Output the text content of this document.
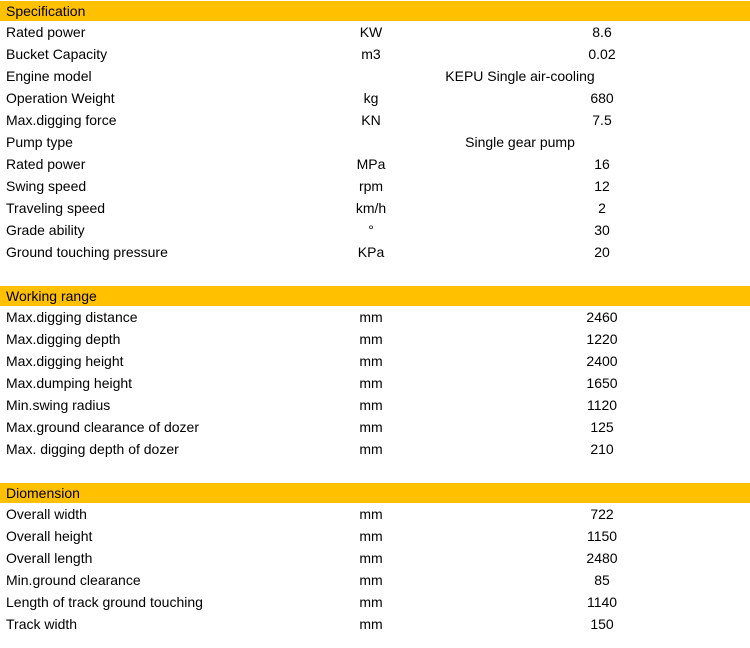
Specification
Rated power	KW	8.6
Bucket Capacity	m3	0.02
Engine model	KEPU Single air-cooling
Operation Weight	kg	680
Max.digging force	KN	7.5
Pump type	Single gear pump
Rated power	MPa	16
Swing speed	rpm	12
Traveling speed	km/h	2
Grade ability	°	30
Ground touching pressure	KPa	20
Working range
Max.digging distance	mm	2460
Max.digging depth	mm	1220
Max.digging height	mm	2400
Max.dumping height	mm	1650
Min.swing radius	mm	1120
Max.ground clearance of dozer	mm	125
Max. digging depth of dozer	mm	210
Diomension
Overall width	mm	722
Overall height	mm	1150
Overall length	mm	2480
Min.ground clearance	mm	85
Length of track ground touching	mm	1140
Track width	mm	150
